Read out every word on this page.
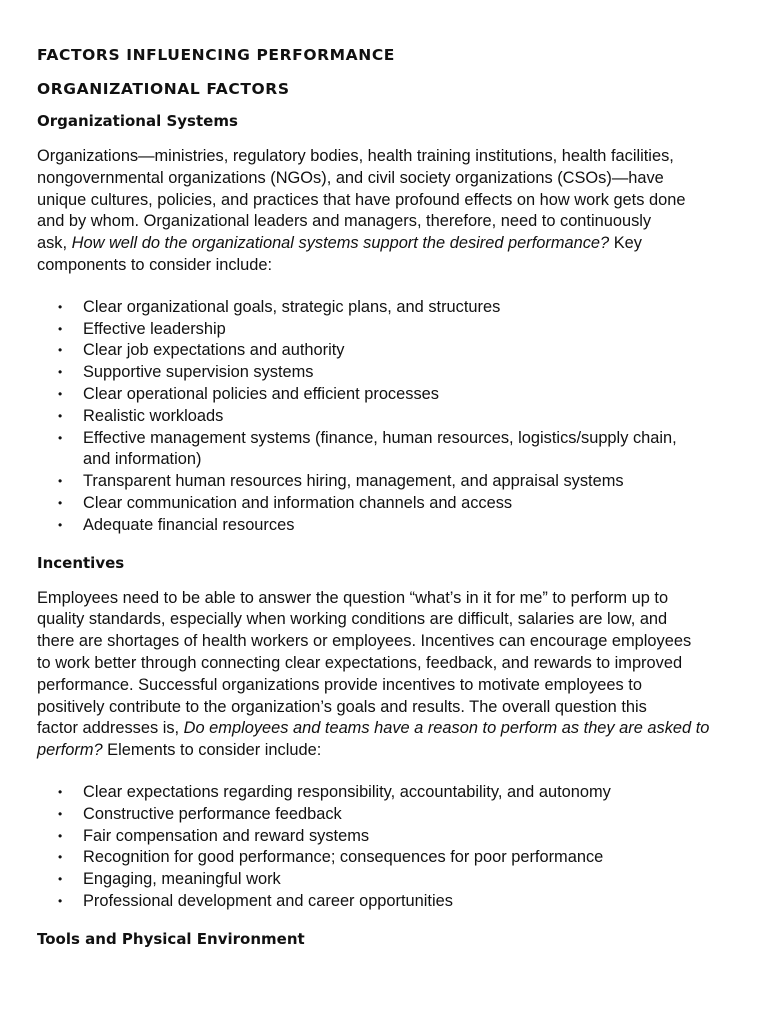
FACTORS INFLUENCING PERFORMANCE
ORGANIZATIONAL FACTORS
Organizational Systems

Organizations—ministries, regulatory bodies, health training institutions, health facilities,
nongovernmental organizations (NGOs), and civil society organizations (CSOs)—have
unique cultures, policies, and practices that have profound effects on how work gets done
and by whom. Organizational leaders and managers, therefore, need to continuously
ask, How well do the organizational systems support the desired performance? Key
components to consider include:

• Clear organizational goals, strategic plans, and structures
• Effective leadership
• Clear job expectations and authority
• Supportive supervision systems
• Clear operational policies and efficient processes
• Realistic workloads
• Effective management systems (finance, human resources, logistics/supply chain,
and information)
• Transparent human resources hiring, management, and appraisal systems
• Clear communication and information channels and access
• Adequate financial resources
Incentives

Employees need to be able to answer the question “what’s in it for me” to perform up to
quality standards, especially when working conditions are difficult, salaries are low, and
there are shortages of health workers or employees. Incentives can encourage employees
to work better through connecting clear expectations, feedback, and rewards to improved
performance. Successful organizations provide incentives to motivate employees to
positively contribute to the organization’s goals and results. The overall question this
factor addresses is, Do employees and teams have a reason to perform as they are asked to
perform? Elements to consider include:

• Clear expectations regarding responsibility, accountability, and autonomy
• Constructive performance feedback
• Fair compensation and reward systems
• Recognition for good performance; consequences for poor performance
• Engaging, meaningful work
• Professional development and career opportunities
Tools and Physical Environment
